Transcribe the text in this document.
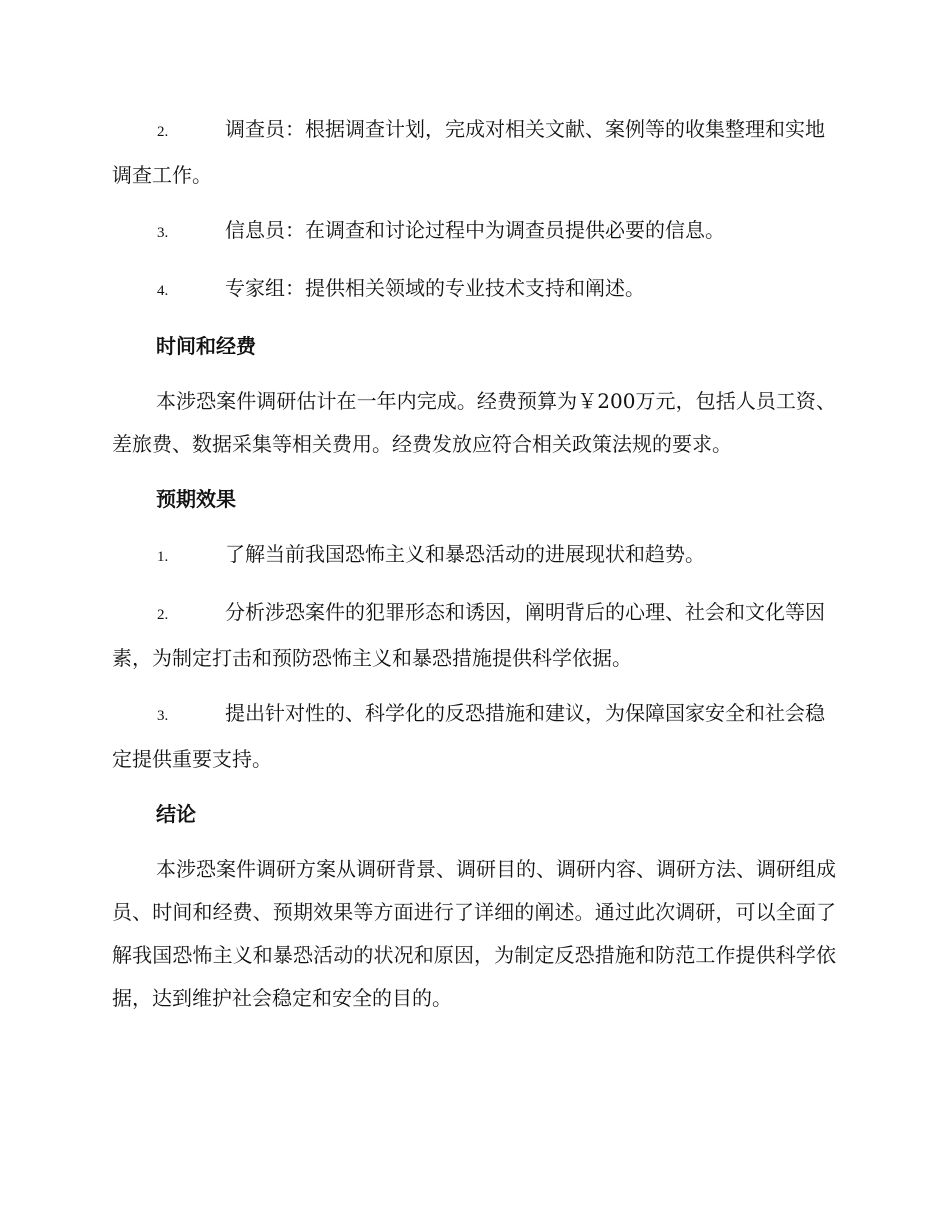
2.	调查员：根据调查计划，完成对相关文献、案例等的收集整理和实地调查工作。
3.	信息员：在调查和讨论过程中为调查员提供必要的信息。
4.	专家组：提供相关领域的专业技术支持和阐述。
时间和经费

本涉恐案件调研估计在一年内完成。经费预算为￥200万元，包括人员工资、差旅费、数据采集等相关费用。经费发放应符合相关政策法规的要求。

预期效果
1.	了解当前我国恐怖主义和暴恐活动的进展现状和趋势。
2.	分析涉恐案件的犯罪形态和诱因，阐明背后的心理、社会和文化等因素，为制定打击和预防恐怖主义和暴恐措施提供科学依据。
3.	提出针对性的、科学化的反恐措施和建议，为保障国家安全和社会稳定提供重要支持。
结论

本涉恐案件调研方案从调研背景、调研目的、调研内容、调研方法、调研组成员、时间和经费、预期效果等方面进行了详细的阐述。通过此次调研，可以全面了解我国恐怖主义和暴恐活动的状况和原因，为制定反恐措施和防范工作提供科学依据，达到维护社会稳定和安全的目的。
